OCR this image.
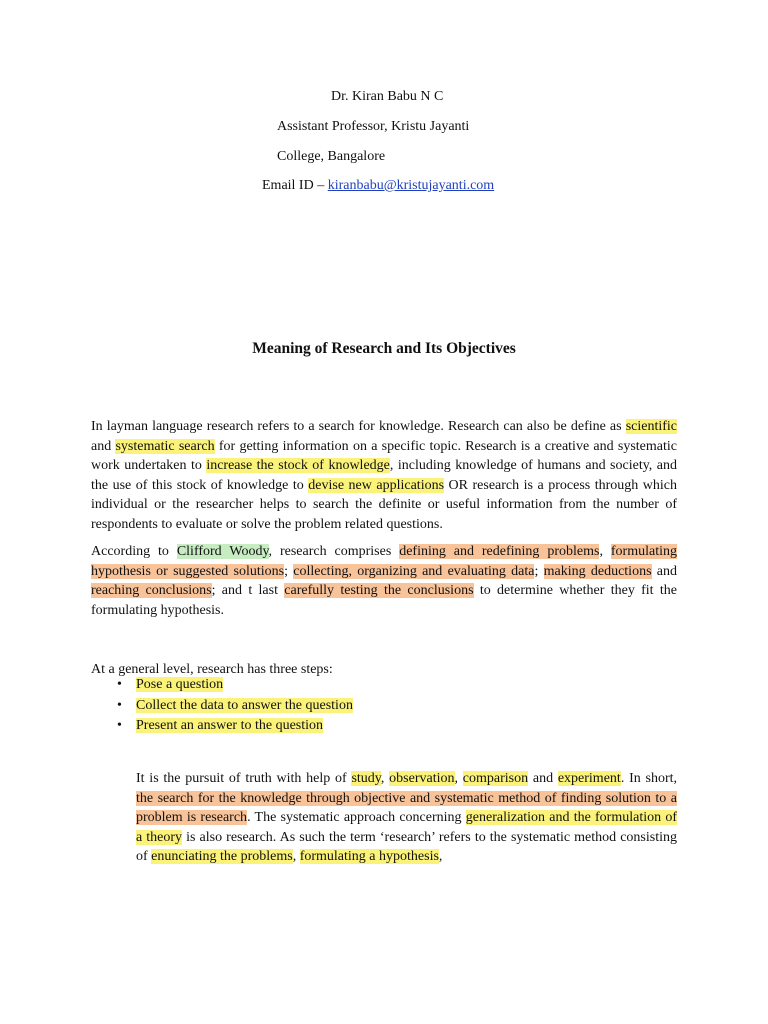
Dr. Kiran Babu N C
Assistant Professor, Kristu Jayanti
College, Bangalore
Email ID – kiranbabu@kristujayanti.com
Meaning of Research and Its Objectives

In layman language research refers to a search for knowledge. Research can also be define as scientific and systematic search for getting information on a specific topic. Research is a creative and systematic work undertaken to increase the stock of knowledge, including knowledge of humans and society, and the use of this stock of knowledge to devise new applications OR research is a process through which individual or the researcher helps to search the definite or useful information from the number of respondents to evaluate or solve the problem related questions.

According to Clifford Woody, research comprises defining and redefining problems, formulating hypothesis or suggested solutions; collecting, organizing and evaluating data; making deductions and reaching conclusions; and t last carefully testing the conclusions to determine whether they fit the formulating hypothesis.

At a general level, research has three steps:

• Pose a question
• Collect the data to answer the question
• Present an answer to the question

It is the pursuit of truth with help of study, observation, comparison and experiment. In short, the search for the knowledge through objective and systematic method of finding solution to a problem is research. The systematic approach concerning generalization and the formulation of a theory is also research. As such the term ‘research’ refers to the systematic method consisting of enunciating the problems, formulating a hypothesis,
